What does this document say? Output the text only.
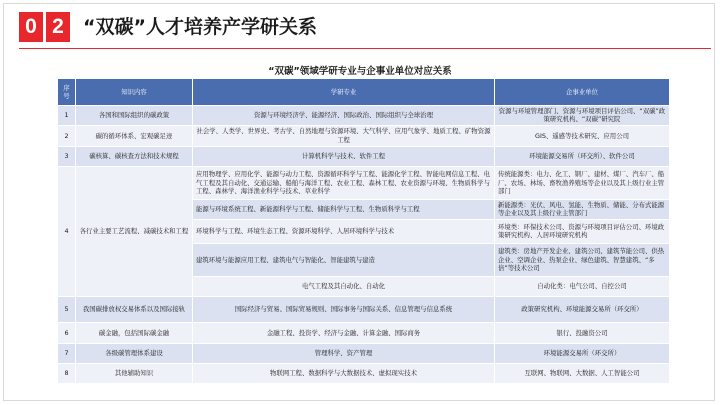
0 2	“双碳”人才培养产学研关系
“双碳”领域学研专业与企事业单位对应关系
序号	知识内容	学研专业	企事业单位
1	各国和国际组织的碳政策	资源与环境经济学、能源经济、国际政治、国际组织与全球治理	资源与环境管理部门、资源与环境项目评估公司、“双碳”政策研究机构、“双碳”研究院
2	碳的循环体系、宏观碳足迹	社会学、人类学、世界史、考古学、自然地理与资源环境、大气科学、应用气象学、地质工程、矿物资源工程	GIS、遥感等技术研究、应用公司
3	碳核算、碳核查方法和技术规程	计算机科学与技术、软件工程	环境能源交易所（环交所）、软件公司
4	各行业主要工艺流程、减碳技术和工程	应用物理学、应用化学、能源与动力工程、资源循环科学与工程、能源化学工程、智能电网信息工程、电气工程及其自动化、交通运输、船舶与海洋工程、农业工程、森林工程、农业资源与环境、生物质科学与工程、森林学、海洋渔业科学与技术、草业科学	传统能源类：电力、化工、钢厂、建材、煤厂、汽车厂、船厂、农场、林场、畜牧渔养殖场等企业以及其上级行业主管部门
		能源与环境系统工程、新能源科学与工程、储能科学与工程、生物质科学与工程	新能源类：光伏、风电、氢能、生物质、储能、分布式能源等企业以及其上级行业主管部门
		环境科学与工程、环境生态工程、资源环境科学、人居环境科学与技术	环境类：环保技术公司、资源与环境项目评估公司、环境政策研究机构、人居环境研究机构
		建筑环境与能源应用工程、建筑电气与智能化、智能建筑与建造	建筑类：房地产开发企业、建筑公司、建筑节能公司、供热企业、空调企业、热泵企业、绿色建筑、智慧建筑、“多倍”等技术公司
		电气工程及其自动化、自动化	自动化类：电气公司、自控公司
5	我国碳排放权交易体系以及国际接轨	国际经济与贸易、国际贸易规则、国际事务与国际关系、信息管理与信息系统	政策研究机构、环境能源交易所（环交所）
6	碳金融，包括国际碳金融	金融工程、投资学、经济与金融、计算金融、国际商务	银行、投融资公司
7	各级碳管理体系建设	管理科学、资产管理	环境能源交易所（环交所）
8	其他辅助知识	物联网工程、数据科学与大数据技术、虚拟现实技术	互联网、物联网、大数据、人工智能公司
